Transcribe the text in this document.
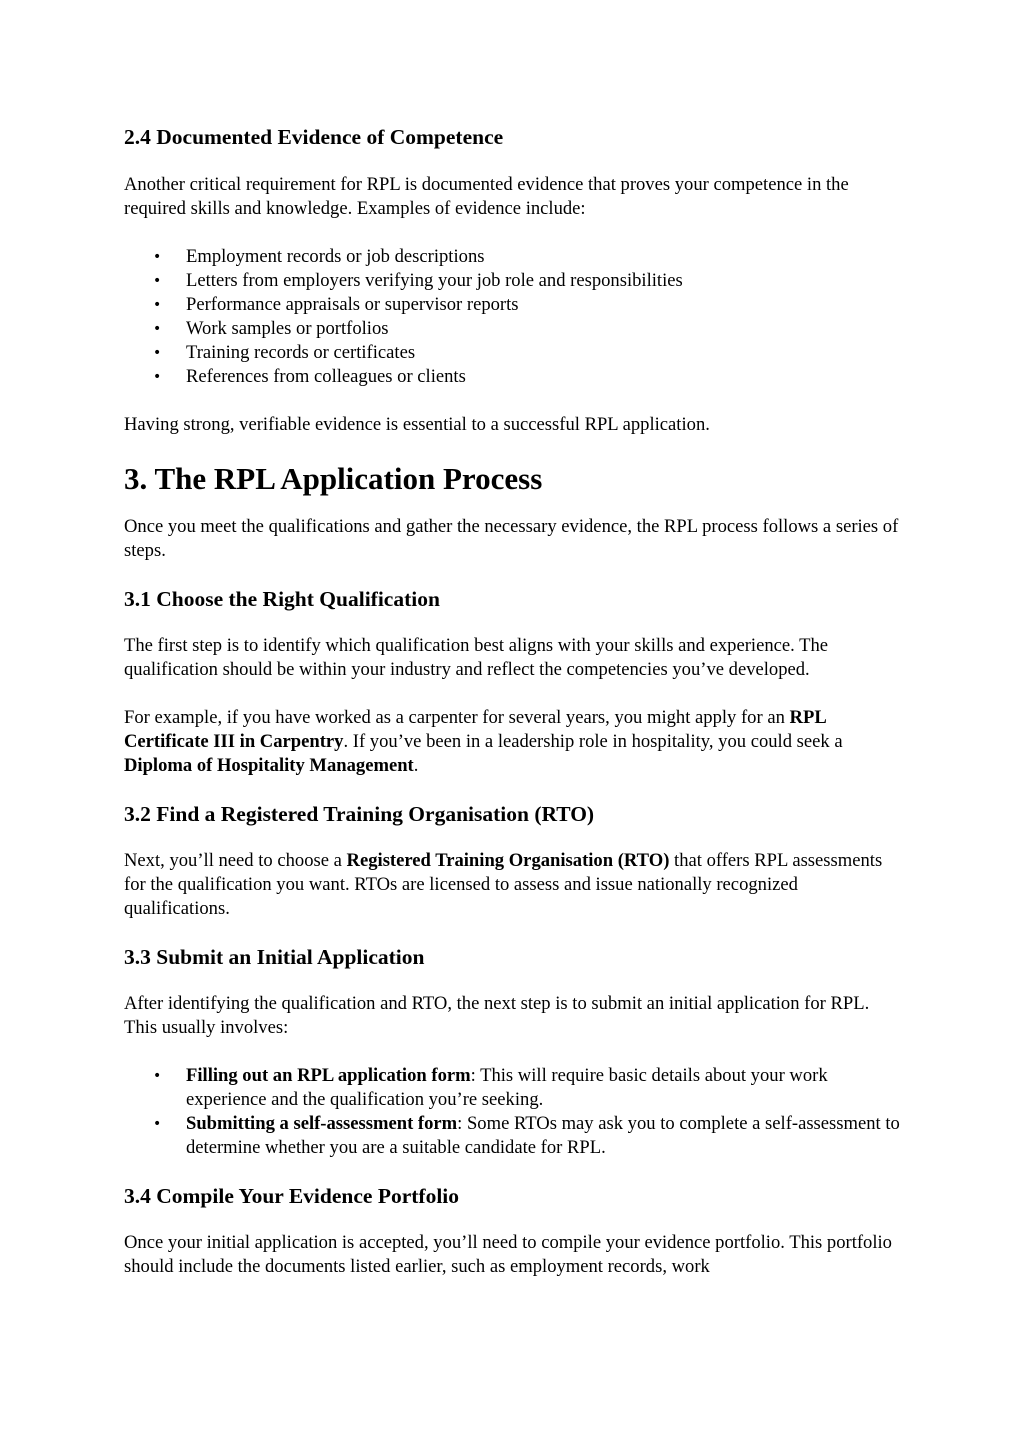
2.4 Documented Evidence of Competence

Another critical requirement for RPL is documented evidence that proves your competence in the required skills and knowledge. Examples of evidence include:

• Employment records or job descriptions
• Letters from employers verifying your job role and responsibilities
• Performance appraisals or supervisor reports
• Work samples or portfolios
• Training records or certificates
• References from colleagues or clients

Having strong, verifiable evidence is essential to a successful RPL application.

3. The RPL Application Process

Once you meet the qualifications and gather the necessary evidence, the RPL process follows a series of steps.

3.1 Choose the Right Qualification

The first step is to identify which qualification best aligns with your skills and experience. The qualification should be within your industry and reflect the competencies you’ve developed.

For example, if you have worked as a carpenter for several years, you might apply for an RPL Certificate III in Carpentry. If you’ve been in a leadership role in hospitality, you could seek a Diploma of Hospitality Management.

3.2 Find a Registered Training Organisation (RTO)

Next, you’ll need to choose a Registered Training Organisation (RTO) that offers RPL assessments for the qualification you want. RTOs are licensed to assess and issue nationally recognized qualifications.

3.3 Submit an Initial Application

After identifying the qualification and RTO, the next step is to submit an initial application for RPL. This usually involves:

• Filling out an RPL application form: This will require basic details about your work experience and the qualification you’re seeking.
• Submitting a self-assessment form: Some RTOs may ask you to complete a self-assessment to determine whether you are a suitable candidate for RPL.
3.4 Compile Your Evidence Portfolio

Once your initial application is accepted, you’ll need to compile your evidence portfolio. This portfolio should include the documents listed earlier, such as employment records, work
